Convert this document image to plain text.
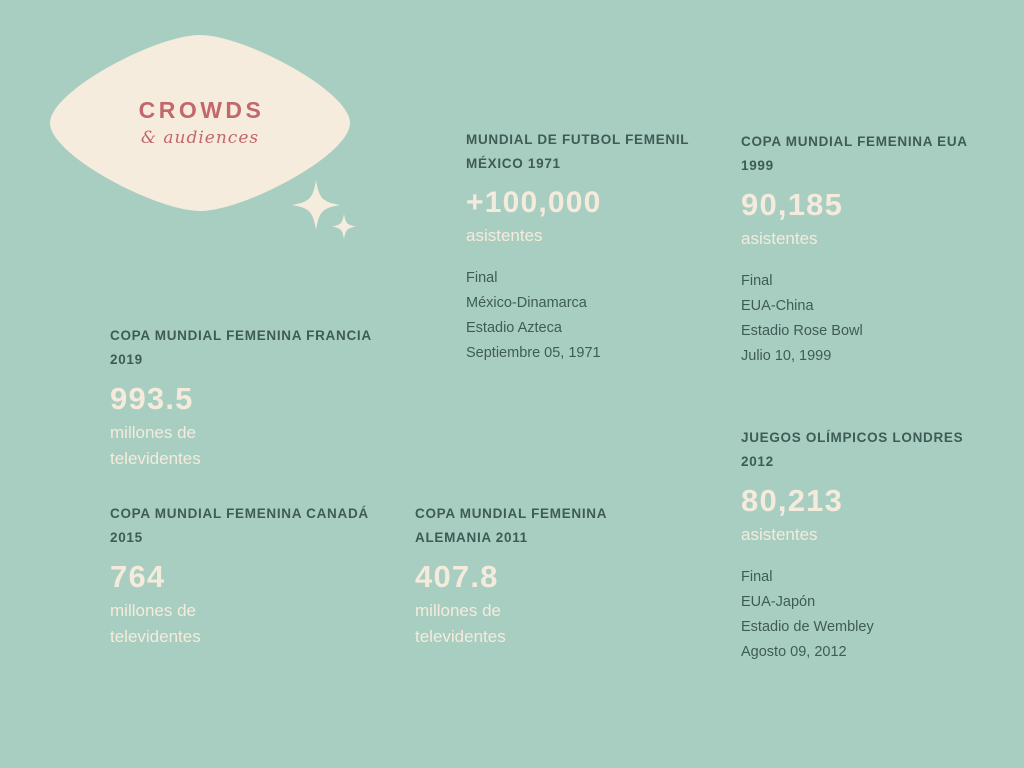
CROWDS
& audiences
COPA MUNDIAL FEMENINA FRANCIA 2019
993.5
millones de
televidentes
COPA MUNDIAL FEMENINA CANADÁ 2015
764
millones de
televidentes
MUNDIAL DE FUTBOL FEMENIL MÉXICO 1971
+100,000
asistentes
Final
México-Dinamarca
Estadio Azteca
Septiembre 05, 1971
COPA MUNDIAL FEMENINA ALEMANIA 2011
407.8
millones de
televidentes
COPA MUNDIAL FEMENINA EUA 1999
90,185
asistentes
Final
EUA-China
Estadio Rose Bowl
Julio 10, 1999
JUEGOS OLÍMPICOS LONDRES 2012
80,213
asistentes
Final
EUA-Japón
Estadio de Wembley
Agosto 09, 2012
